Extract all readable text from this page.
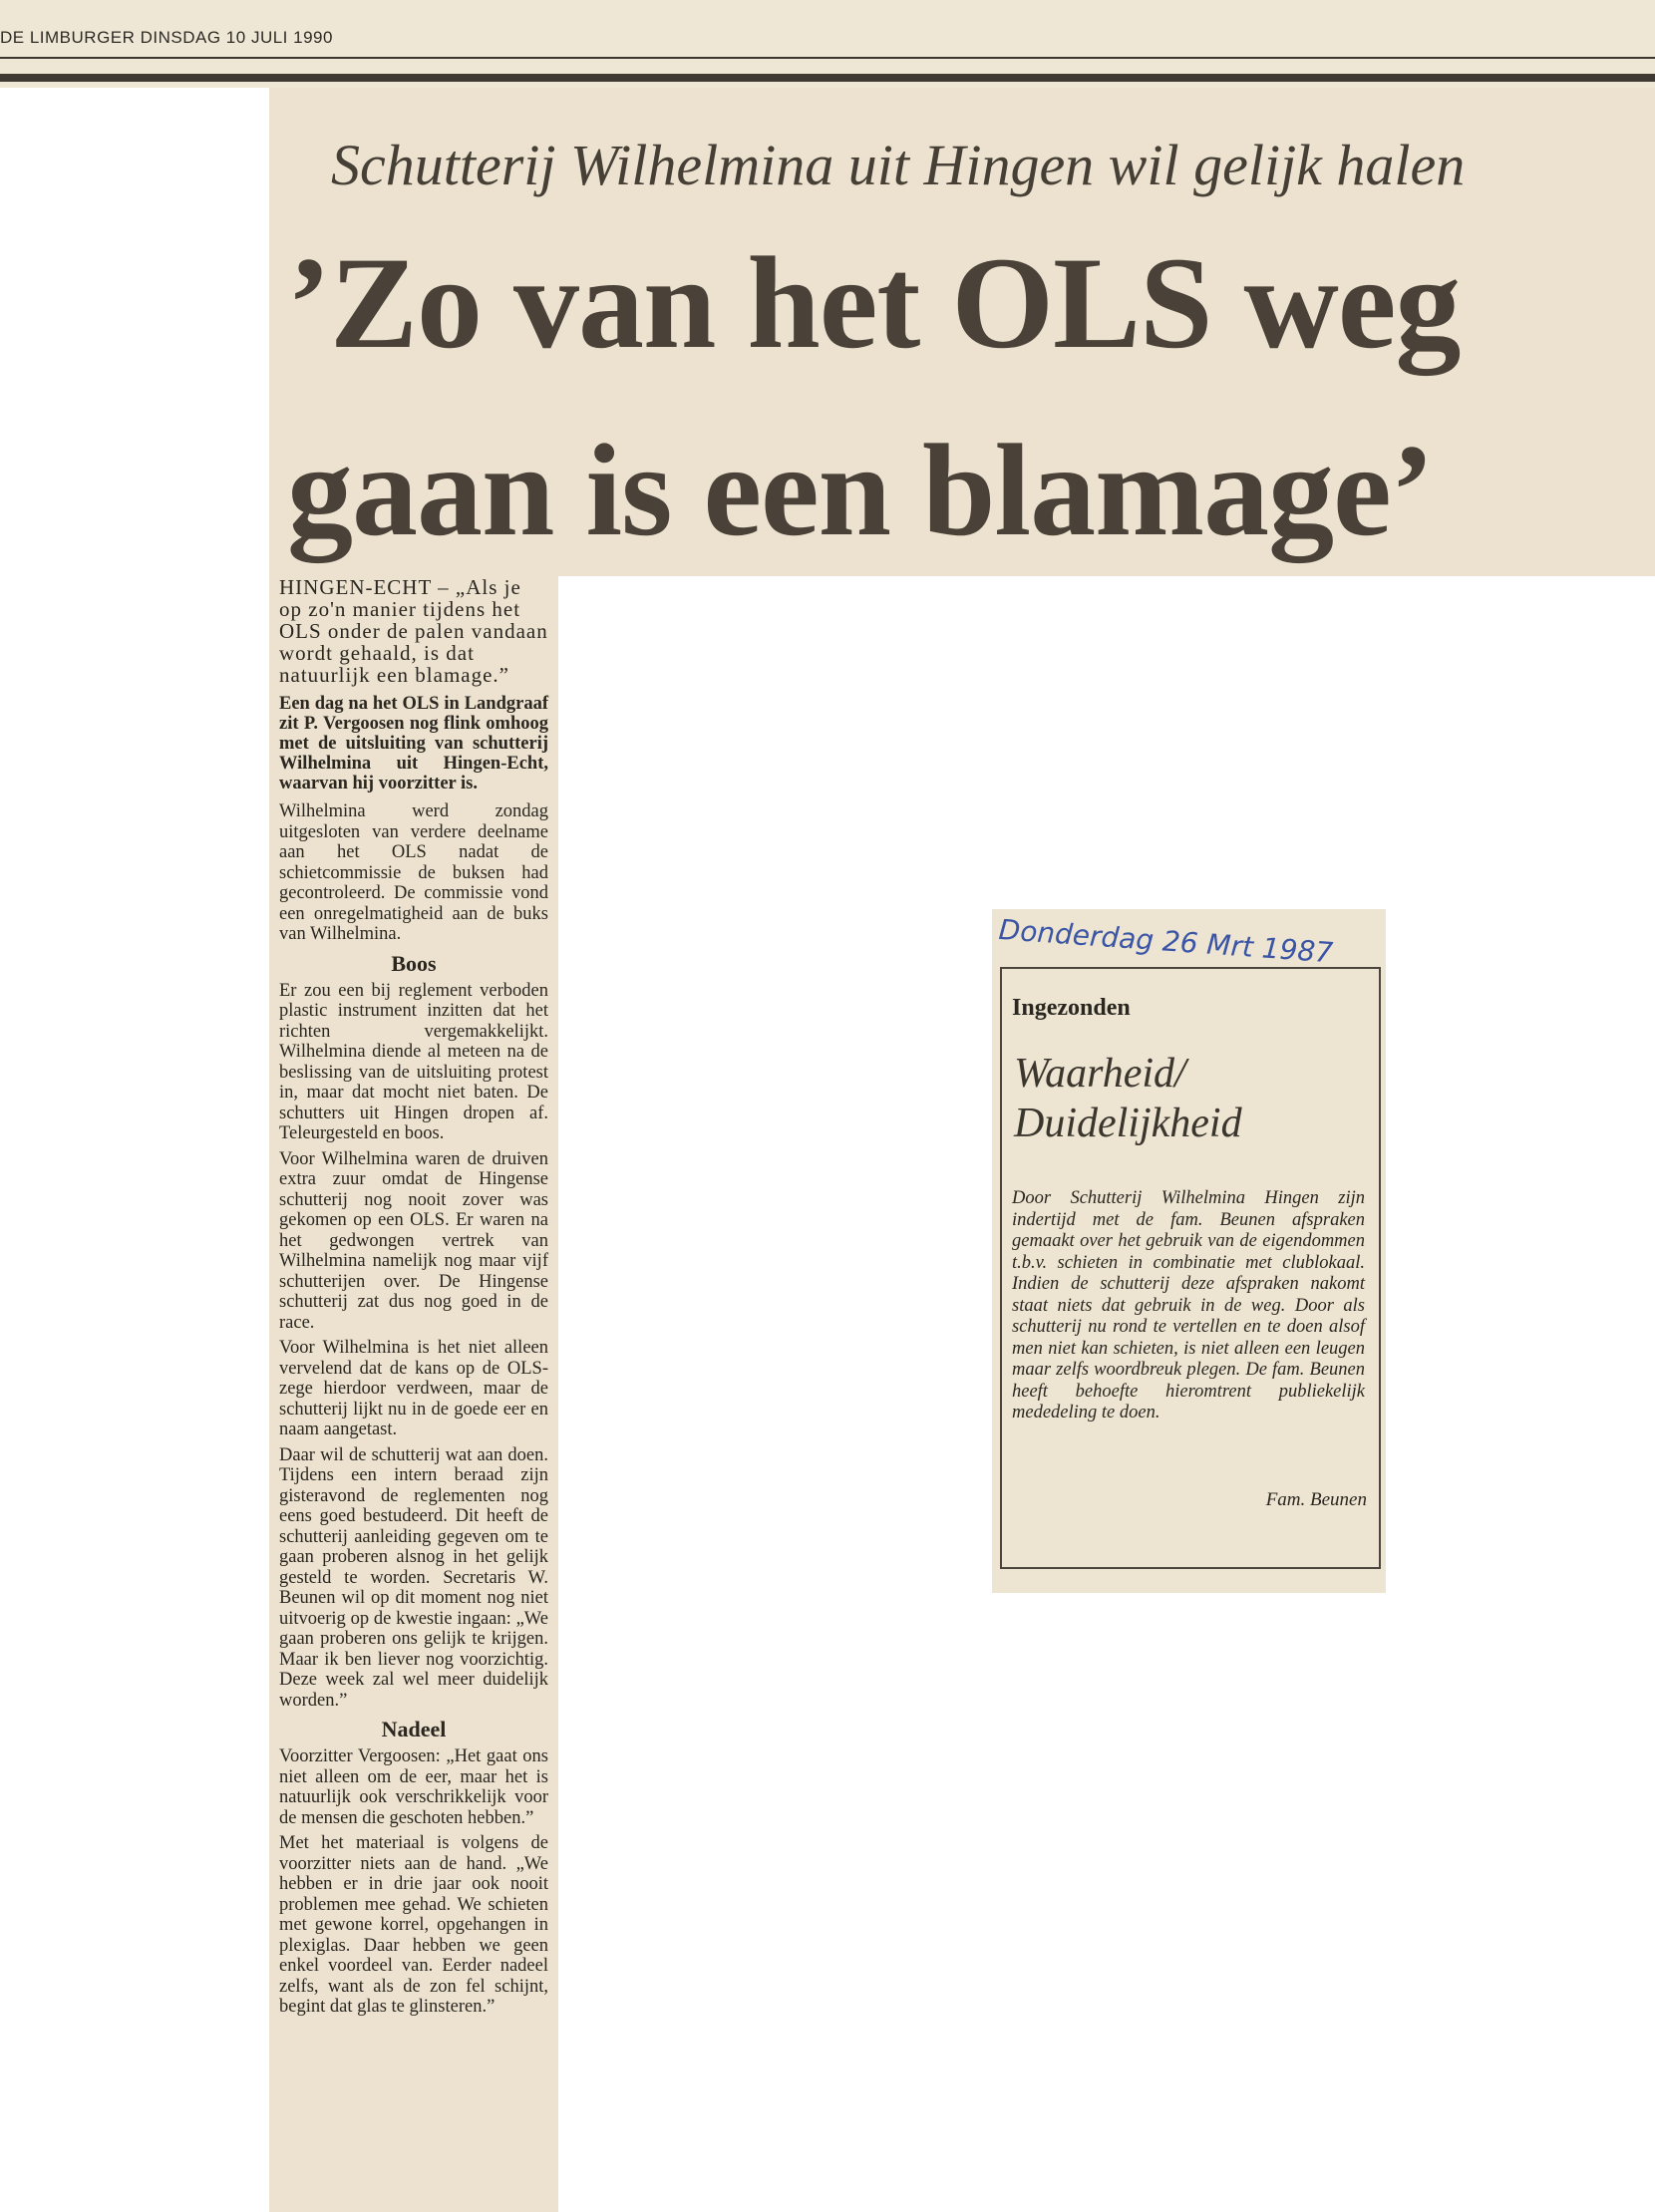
DE LIMBURGER DINSDAG 10 JULI 1990
Schutterij Wilhelmina uit Hingen wil gelijk halen
’Zo van het OLS weg
gaan is een blamage’

HINGEN-ECHT – „Als je op zo'n manier tijdens het OLS onder de palen vandaan wordt gehaald, is dat natuurlijk een blamage.”

Een dag na het OLS in Landgraaf zit P. Vergoosen nog flink omhoog met de uitsluiting van schutterij Wilhelmina uit Hingen-Echt, waarvan hij voorzitter is.

Wilhelmina werd zondag uitgesloten van verdere deelname aan het OLS nadat de schietcommissie de buksen had gecontroleerd. De commissie vond een onregelmatigheid aan de buks van Wilhelmina.

Boos

Er zou een bij reglement verboden plastic instrument inzitten dat het richten vergemakkelijkt. Wilhelmina diende al meteen na de beslissing van de uitsluiting protest in, maar dat mocht niet baten. De schutters uit Hingen dropen af. Teleurgesteld en boos.

Voor Wilhelmina waren de druiven extra zuur omdat de Hingense schutterij nog nooit zover was gekomen op een OLS. Er waren na het gedwongen vertrek van Wilhelmina namelijk nog maar vijf schutterijen over. De Hingense schutterij zat dus nog goed in de race.

Voor Wilhelmina is het niet alleen vervelend dat de kans op de OLS-zege hierdoor verdween, maar de schutterij lijkt nu in de goede eer en naam aangetast.

Daar wil de schutterij wat aan doen. Tijdens een intern beraad zijn gisteravond de reglementen nog eens goed bestudeerd. Dit heeft de schutterij aanleiding gegeven om te gaan proberen alsnog in het gelijk gesteld te worden. Secretaris W. Beunen wil op dit moment nog niet uitvoerig op de kwestie ingaan: „We gaan proberen ons gelijk te krijgen. Maar ik ben liever nog voorzichtig. Deze week zal wel meer duidelijk worden.”

Nadeel

Voorzitter Vergoosen: „Het gaat ons niet alleen om de eer, maar het is natuurlijk ook verschrikkelijk voor de mensen die geschoten hebben.”

Met het materiaal is volgens de voorzitter niets aan de hand. „We hebben er in drie jaar ook nooit problemen mee gehad. We schieten met gewone korrel, opgehangen in plexiglas. Daar hebben we geen enkel voordeel van. Eerder nadeel zelfs, want als de zon fel schijnt, begint dat glas te glinsteren.”

Donderdag 26 Mrt 1987
Ingezonden
Waarheid/
Duidelijkheid
Door Schutterij Wilhelmina Hingen zijn indertijd met de fam. Beunen afspraken gemaakt over het gebruik van de eigendommen t.b.v. schieten in combinatie met clublokaal. Indien de schutterij deze afspraken nakomt staat niets dat gebruik in de weg. Door als schutterij nu rond te vertellen en te doen alsof men niet kan schieten, is niet alleen een leugen maar zelfs woordbreuk plegen. De fam. Beunen heeft behoefte hieromtrent publiekelijk mededeling te doen.
Fam. Beunen
